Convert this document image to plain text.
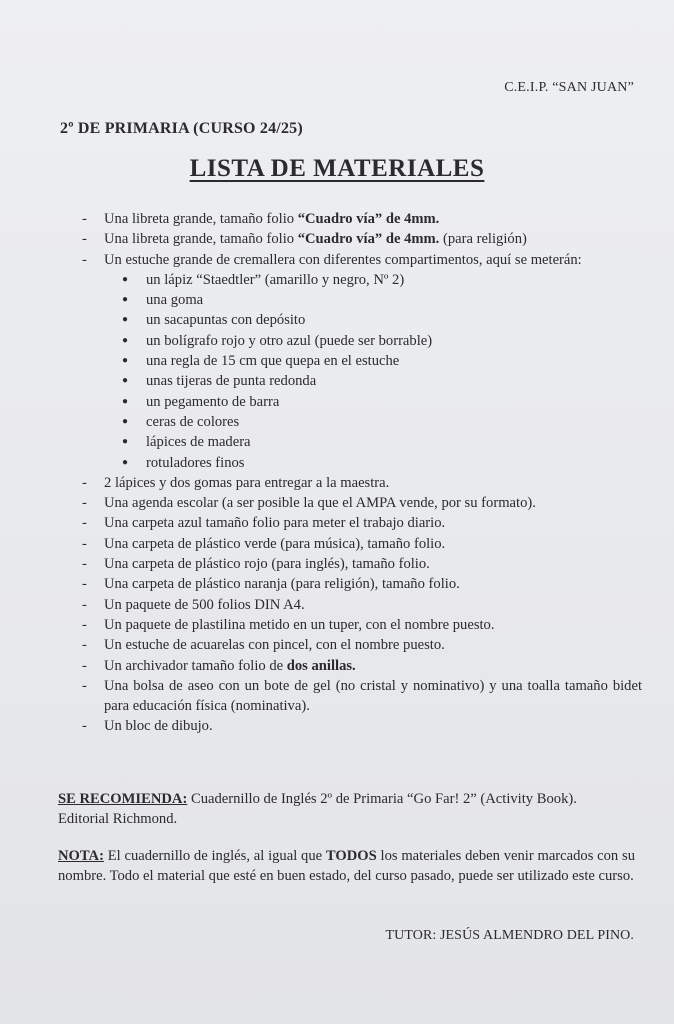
C.E.I.P. “SAN JUAN”
2º DE PRIMARIA (CURSO 24/25)
LISTA DE MATERIALES
-	Una libreta grande, tamaño folio “Cuadro vía” de 4mm.
-	Una libreta grande, tamaño folio “Cuadro vía” de 4mm. (para religión)
-	Un estuche grande de cremallera con diferentes compartimentos, aquí se meterán:
●	un lápiz “Staedtler” (amarillo y negro, Nº 2)
●	una goma
●	un sacapuntas con depósito
●	un bolígrafo rojo y otro azul (puede ser borrable)
●	una regla de 15 cm que quepa en el estuche
●	unas tijeras de punta redonda
●	un pegamento de barra
●	ceras de colores
●	lápices de madera
●	rotuladores finos
-	2 lápices y dos gomas para entregar a la maestra.
-	Una agenda escolar (a ser posible la que el AMPA vende, por su formato).
-	Una carpeta azul tamaño folio para meter el trabajo diario.
-	Una carpeta de plástico verde (para música), tamaño folio.
-	Una carpeta de plástico rojo (para inglés), tamaño folio.
-	Una carpeta de plástico naranja (para religión), tamaño folio.
-	Un paquete de 500 folios DIN A4.
-	Un paquete de plastilina metido en un tuper, con el nombre puesto.
-	Un estuche de acuarelas con pincel, con el nombre puesto.
-	Un archivador tamaño folio de dos anillas.
-	Una bolsa de aseo con un bote de gel (no cristal y nominativo) y una toalla tamaño bidet para educación física (nominativa).
-	Un bloc de dibujo.
SE RECOMIENDA: Cuadernillo de Inglés 2º de Primaria “Go Far! 2” (Activity Book). Editorial Richmond.
NOTA: El cuadernillo de inglés, al igual que TODOS los materiales deben venir marcados con su nombre. Todo el material que esté en buen estado, del curso pasado, puede ser utilizado este curso.
TUTOR: JESÚS ALMENDRO DEL PINO.
